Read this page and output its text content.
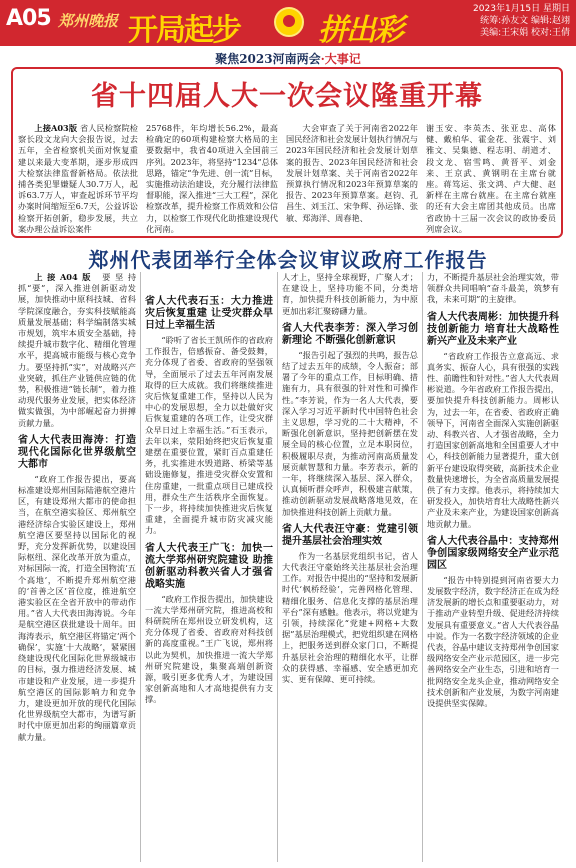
A05 郑州晚报 开局起步	拼出彩
2023年1月15日 星期日
统筹:孙友文 编辑:赵翊
美编:王宋娟 校对:王倩
聚焦2023河南两会·大事记
省十四届人大一次会议隆重开幕

上接A03版 省人民检察院检察长段文龙向大会报告说，过去五年，全省检察机关面对恢复重建以来最大变革期，逐步形成四大检察法律监督新格局。依法批捕各类犯罪嫌疑人30.7万人，起诉63.7万人，审查起诉环节平均办案时间缩短至6.7天，公益诉讼检察开拓创新，稳步发展，共立案办理公益诉讼案件

25768件，年均增长56.2%，最高检确定的60项构建检察大格局的主要数据中，我省40项进入全国前三序列。2023年，将坚持“1234”总体思路，锚定“争先进、创一流”目标，实施推动法治建设，充分履行法律监督职能，深入推进“三大工程”，深化检察改革，提升检察工作质效和公信力，以检察工作现代化助推建设现代化河南。

大会审查了关于河南省2022年国民经济和社会发展计划执行情况与2023年国民经济和社会发展计划草案的报告、2023年国民经济和社会发展计划草案、关于河南省2022年预算执行情况和2023年预算草案的报告、2023年预算草案。赵钧、孔昌生、刘玉江、宋争辉、孙运锋、张敏、郑海洋、周春艳、

谢玉安、李英杰、张亚忠、高体健、戴柏华、霍金花、张震宇、刘雅文、吴集德、程志明、胡道才、段文龙、宿雪鸣、黄晋平、刘金来、王京武、黄钢明在主席台就座。蒋笃运、张文鸿、卢大健、赵新样在主席台就座。在主席台就座的还有大会主席团其他成员。出席省政协十三届一次会议的政协委员列席会议。

郑州代表团举行全体会议审议政府工作报告

上接A04版 要坚持抓“要”，深入推进创新驱动发展，加快推动中原科技城、省科学院深度融合，夯实科技赋能高质量发展基础；科学编制落实城市规划，筑牢本质安全基础，持续提升城市数字化、精细化管理水平，提高城市能级与核心竞争力。要坚持抓“实”，对战略兴产业突破，抓住产业链供应链的优势，积极推进“链长制”，着力推动现代服务业发展，把实体经济做实做强，为中部崛起奋力拼搏贡献力量。

省人大代表田海涛：打造现代化国际化世界级航空大都市

“政府工作报告提出，要高标准建设郑州国际陆港航空港片区，有建设郑州大都市的使命担当，在航空港实验区、郑州航空港经济综合实验区建设上，郑州航空港区要坚持以国际化的视野，充分发挥新优势，以建设国际枢纽、深化改革开放为重点，对标国际一流，打造全国物流‘五个高地’，不断提升郑州航空港的‘首善之区’首位度，推进航空港实验区在全省开放中的带动作用。”省人大代表田海涛说。今年是航空港区获批建设十周年。田海涛表示，航空港区将锚定‘两个确保’，实施‘十大战略’，紧紧围绕建设现代化国际化世界级城市的目标，强力推进经济发展、城市建设和产业发展，进一步提升航空港区的国际影响力和竞争力，建设更加开放的现代化国际化世界级航空大都市，为谱写新时代中原更加出彩的绚丽篇章贡献力量。

省人大代表石玉：大力推进灾后恢复重建 让受灾群众早日过上幸福生活

“聆听了省长王凯所作的省政府工作报告，倍感振奋、备受鼓舞，充分体现了省委、省政府的坚强领导，全面展示了过去五年河南发展取得的巨大成就。我们将继续推进灾后恢复重建工作，坚持以人民为中心的发展思想，全力以赴做好灾后恢复重建的各项工作，让受灾群众早日过上幸福生活。”石玉表示，去年以来，荥阳始终把灾后恢复重建摆在重要位置，紧盯百点重建任务，扎实推进水毁道路、桥梁等基础设施修复，推进受灾群众安置和住房重建，一批重点项目已建成投用，群众生产生活秩序全面恢复。下一步，将持续加快推进灾后恢复重建，全面提升城市防灾减灾能力。

省人大代表王广飞：加快一流大学郑州研究院建设 助推创新驱动科教兴省人才强省战略实施

“政府工作报告提出，加快建设一流大学郑州研究院，推进高校和科研院所在郑州设立研发机构，这充分体现了省委、省政府对科技创新的高度重视。”王广飞说，郑州将以此为契机，加快推进一流大学郑州研究院建设，集聚高端创新资源，吸引更多优秀人才，为建设国家创新高地和人才高地提供有力支撑。

人才上，坚持全球视野，广聚人才；在建设上，坚持功能不同，分类培育，加快提升科技创新能力，为中原更加出彩汇聚磅礴力量。

省人大代表李芳：深入学习创新理论 不断强化创新意识

“报告引起了强烈的共鸣，报告总结了过去五年的成绩，令人振奋；部署了今年的重点工作，目标明确、措施有力，具有很强的针对性和可操作性。”李芳说，作为一名人大代表，要深入学习习近平新时代中国特色社会主义思想，学习党的二十大精神，不断强化创新意识，坚持把创新摆在发展全局的核心位置，立足本职岗位，积极履职尽责，为推动河南高质量发展贡献智慧和力量。李芳表示，新的一年，将继续深入基层、深入群众，认真倾听群众呼声，积极建言献策，推动创新驱动发展战略落地见效，在加快推进科技创新上贡献力量。

省人大代表汪守豪：党建引领 提升基层社会治理实效

作为一名基层党组织书记，省人大代表汪守豪始终关注基层社会治理工作。对报告中提出的“坚持和发展新时代‘枫桥经验’，完善网格化管理、精细化服务、信息化支撑的基层治理平台”深有感触。他表示，将以党建为引领，持续深化“党建+网格+大数据”基层治理模式，把党组织建在网格上，把服务送到群众家门口，不断提升基层社会治理的精细化水平，让群众的获得感、幸福感、安全感更加充实、更有保障、更可持续。

力，不断提升基层社会治理实效，带领群众共同唱响“奋斗最美，筑梦有我，未来可期”的主旋律。

省人大代表周彬：加快提升科技创新能力 培育壮大战略性新兴产业及未来产业

“省政府工作报告立意高远、求真务实、振奋人心，具有很强的实践性、前瞻性和针对性。”省人大代表周彬说道。今年省政府工作报告提出，要加快提升科技创新能力。周彬认为，过去一年，在省委、省政府正确领导下，河南省全面深入实施创新驱动、科教兴省、人才强省战略，全力打造国家创新高地和全国重要人才中心，科技创新能力显著提升，重大创新平台建设取得突破，高新技术企业数量快速增长，为全省高质量发展提供了有力支撑。他表示，将持续加大研发投入，加快培育壮大战略性新兴产业及未来产业，为建设国家创新高地贡献力量。

省人大代表谷晶中：支持郑州争创国家级网络安全产业示范园区

“报告中特别提到河南省要大力发展数字经济，数字经济正在成为经济发展新的增长点和重要驱动力，对于推动产业转型升级、促进经济持续发展具有重要意义。”省人大代表谷晶中说。作为一名数字经济领域的企业代表，谷晶中建议支持郑州争创国家级网络安全产业示范园区，进一步完善网络安全产业生态，引进和培育一批网络安全龙头企业，推动网络安全技术创新和产业发展，为数字河南建设提供坚实保障。
